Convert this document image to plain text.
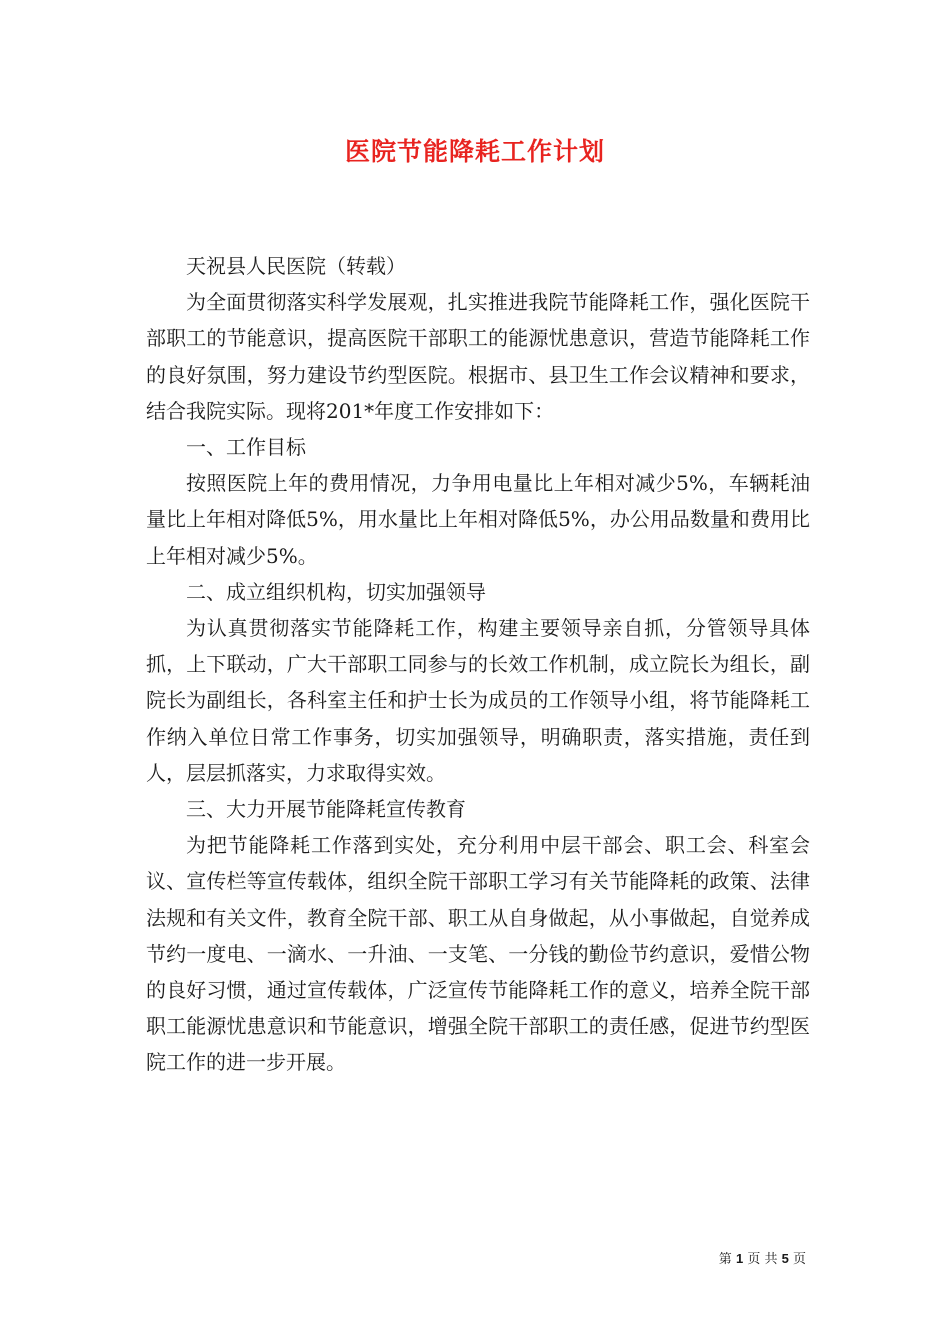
医院节能降耗工作计划

天祝县人民医院（转载）

为全面贯彻落实科学发展观，扎实推进我院节能降耗工作，强化医院干部职工的节能意识，提高医院干部职工的能源忧患意识，营造节能降耗工作的良好氛围，努力建设节约型医院。根据市、县卫生工作会议精神和要求，结合我院实际。现将201*年度工作安排如下：

一、工作目标

按照医院上年的费用情况，力争用电量比上年相对减少5%，车辆耗油量比上年相对降低5%，用水量比上年相对降低5%，办公用品数量和费用比上年相对减少5%。

二、成立组织机构，切实加强领导

为认真贯彻落实节能降耗工作，构建主要领导亲自抓，分管领导具体抓，上下联动，广大干部职工同参与的长效工作机制，成立院长为组长，副院长为副组长，各科室主任和护士长为成员的工作领导小组，将节能降耗工作纳入单位日常工作事务，切实加强领导，明确职责，落实措施，责任到人，层层抓落实，力求取得实效。

三、大力开展节能降耗宣传教育

为把节能降耗工作落到实处，充分利用中层干部会、职工会、科室会议、宣传栏等宣传载体，组织全院干部职工学习有关节能降耗的政策、法律法规和有关文件，教育全院干部、职工从自身做起，从小事做起，自觉养成节约一度电、一滴水、一升油、一支笔、一分钱的勤俭节约意识，爱惜公物的良好习惯，通过宣传载体，广泛宣传节能降耗工作的意义，培养全院干部职工能源忧患意识和节能意识，增强全院干部职工的责任感，促进节约型医院工作的进一步开展。

第 1 页 共 5 页
